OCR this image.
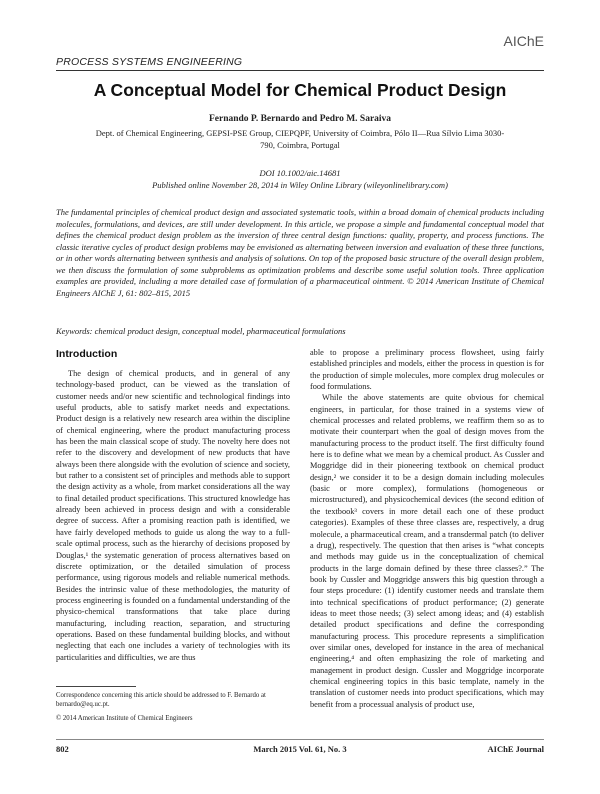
AIChE
PROCESS SYSTEMS ENGINEERING
A Conceptual Model for Chemical Product Design
Fernando P. Bernardo and Pedro M. Saraiva
Dept. of Chemical Engineering, GEPSI-PSE Group, CIEPQPF, University of Coimbra, Pólo II—Rua Sílvio Lima 3030-790, Coimbra, Portugal
DOI 10.1002/aic.14681
Published online November 28, 2014 in Wiley Online Library (wileyonlinelibrary.com)

The fundamental principles of chemical product design and associated systematic tools, within a broad domain of chemical products including molecules, formulations, and devices, are still under development. In this article, we propose a simple and fundamental conceptual model that defines the chemical product design problem as the inversion of three central design functions: quality, property, and process functions. The classic iterative cycles of product design problems may be envisioned as alternating between inversion and evaluation of these three functions, or in other words alternating between synthesis and analysis of solutions. On top of the proposed basic structure of the overall design problem, we then discuss the formulation of some subproblems as optimization problems and describe some useful solution tools. Three application examples are provided, including a more detailed case of formulation of a pharmaceutical ointment. © 2014 American Institute of Chemical Engineers AIChE J, 61: 802–815, 2015

Keywords: chemical product design, conceptual model, pharmaceutical formulations
Introduction

The design of chemical products, and in general of any technology-based product, can be viewed as the translation of customer needs and/or new scientific and technological findings into useful products, able to satisfy market needs and expectations. Product design is a relatively new research area within the discipline of chemical engineering, where the product manufacturing process has been the main classical scope of study. The novelty here does not refer to the discovery and development of new products that have always been there alongside with the evolution of science and society, but rather to a consistent set of principles and methods able to support the design activity as a whole, from market considerations all the way to final detailed product specifications. This structured knowledge has already been achieved in process design and with a considerable degree of success. After a promising reaction path is identified, we have fairly developed methods to guide us along the way to a full-scale optimal process, such as the hierarchy of decisions proposed by Douglas,¹ the systematic generation of process alternatives based on discrete optimization, or the detailed simulation of process performance, using rigorous models and reliable numerical methods. Besides the intrinsic value of these methodologies, the maturity of process engineering is founded on a fundamental understanding of the physico-chemical transformations that take place during manufacturing, including reaction, separation, and structuring operations. Based on these fundamental building blocks, and without neglecting that each one includes a variety of technologies with its particularities and difficulties, we are thus

able to propose a preliminary process flowsheet, using fairly established principles and models, either the process in question is for the production of simple molecules, more complex drug molecules or food formulations.

While the above statements are quite obvious for chemical engineers, in particular, for those trained in a systems view of chemical processes and related problems, we reaffirm them so as to motivate their counterpart when the goal of design moves from the manufacturing process to the product itself. The first difficulty found here is to define what we mean by a chemical product. As Cussler and Moggridge did in their pioneering textbook on chemical product design,² we consider it to be a design domain including molecules (basic or more complex), formulations (homogeneous or microstructured), and physicochemical devices (the second edition of the textbook³ covers in more detail each one of these product categories). Examples of these three classes are, respectively, a drug molecule, a pharmaceutical cream, and a transdermal patch (to deliver a drug), respectively. The question that then arises is “what concepts and methods may guide us in the conceptualization of chemical products in the large domain defined by these three classes?.” The book by Cussler and Moggridge answers this big question through a four steps procedure: (1) identify customer needs and translate them into technical specifications of product performance; (2) generate ideas to meet those needs; (3) select among ideas; and (4) establish detailed product specifications and define the corresponding manufacturing process. This procedure represents a simplification over similar ones, developed for instance in the area of mechanical engineering,⁴ and often emphasizing the role of marketing and management in product design. Cussler and Moggridge incorporate chemical engineering topics in this basic template, namely in the translation of customer needs into product specifications, which may benefit from a processual analysis of product use,

Correspondence concerning this article should be addressed to F. Bernardo at bernardo@eq.uc.pt.
© 2014 American Institute of Chemical Engineers
802	March 2015 Vol. 61, No. 3	AIChE Journal
